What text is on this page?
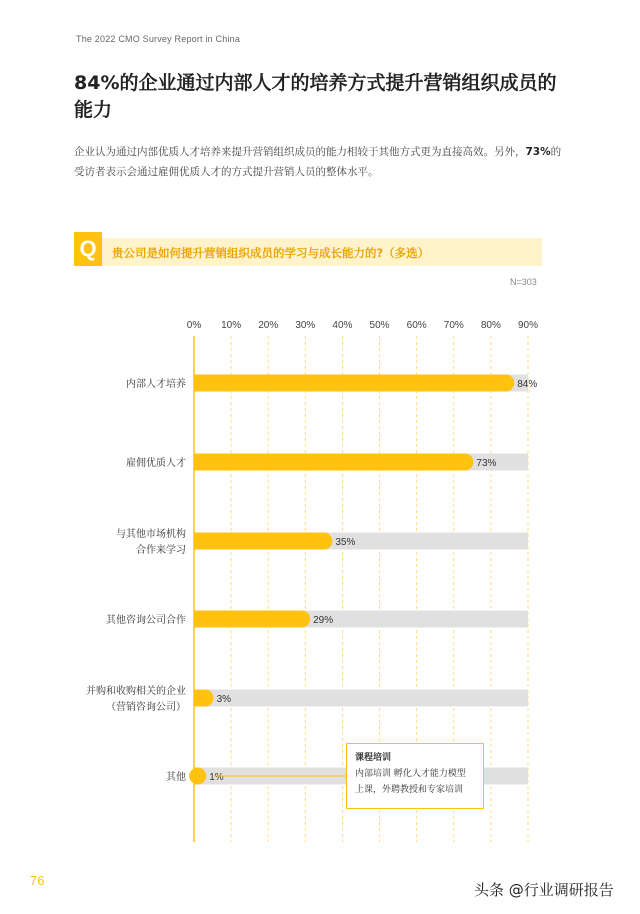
The 2022 CMO Survey Report in China
84%的企业通过内部人才的培养方式提升营销组织成员的能力

企业认为通过内部优质人才培养来提升营销组织成员的能力相较于其他方式更为直接高效。另外，73%的受访者表示会通过雇佣优质人才的方式提升营销人员的整体水平。

Q	贵公司是如何提升营销组织成员的学习与成长能力的?（多选）
N=303
0% 10% 20% 30% 40% 50% 60% 70% 80% 90%
84%
内部人才培养
73%
雇佣优质人才
35%
与其他市场机构
合作来学习
29%
其他咨询公司合作
3%
并购和收购相关的企业
（营销咨询公司）
1%
其他
课程培训
内部培训 孵化人才能力模型
上课，外聘教授和专家培训
76
头条 @行业调研报告
